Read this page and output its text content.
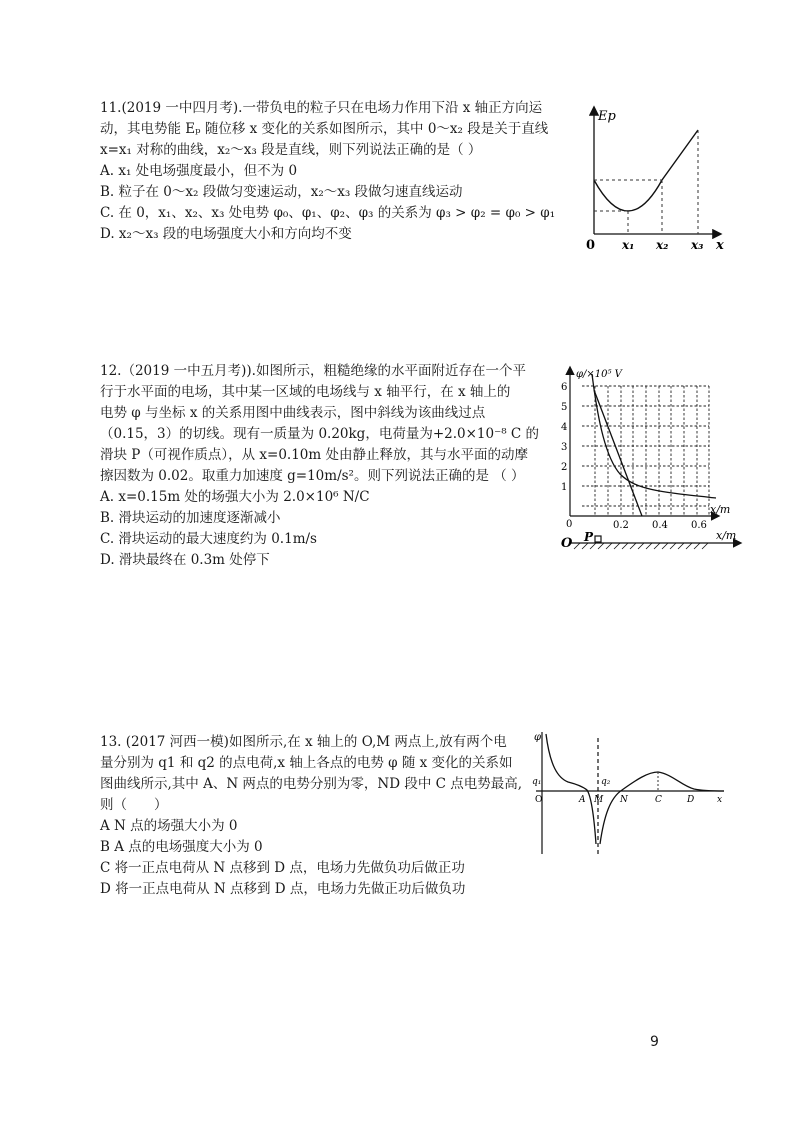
11.(2019 一中四月考).一带负电的粒子只在电场力作用下沿 x 轴正方向运

动，其电势能 Eₚ 随位移 x 变化的关系如图所示，其中 0～x₂ 段是关于直线

x=x₁ 对称的曲线，x₂～x₃ 段是直线，则下列说法正确的是（ ）

A. x₁ 处电场强度最小，但不为 0

B. 粒子在 0～x₂ 段做匀变速运动，x₂～x₃ 段做匀速直线运动

C. 在 0，x₁、x₂、x₃ 处电势 φ₀、φ₁、φ₂、φ₃ 的关系为 φ₃ > φ₂ = φ₀ > φ₁

D. x₂～x₃ 段的电场强度大小和方向均不变

Ep
0 x₁ x₂ x₃ x

12.（2019 一中五月考)).如图所示，粗糙绝缘的水平面附近存在一个平

行于水平面的电场，其中某一区域的电场线与 x 轴平行，在 x 轴上的

电势 φ 与坐标 x 的关系用图中曲线表示，图中斜线为该曲线过点

（0.15，3）的切线。现有一质量为 0.20kg，电荷量为+2.0×10⁻⁸ C 的

滑块 P（可视作质点），从 x=0.10m 处由静止释放，其与水平面的动摩

擦因数为 0.02。取重力加速度 g=10m/s²。则下列说法正确的是 （ ）

A. x=0.15m 处的场强大小为 2.0×10⁶ N/C

B. 滑块运动的加速度逐渐减小

C. 滑块运动的最大速度约为 0.1m/s

D. 滑块最终在 0.3m 处停下

φ/×10⁵ V
6
5
4
3
2
1
0	0.2 0.4 0.6
x/m
O P	x/m

13. (2017 河西一模)如图所示,在 x 轴上的 O,M 两点上,放有两个电

量分别为 q1 和 q2 的点电荷,x 轴上各点的电势 φ 随 x 变化的关系如

图曲线所示,其中 A、N 两点的电势分别为零，ND 段中 C 点电势最高,

则（　　）

A N 点的场强大小为 0

B A 点的电场强度大小为 0

C 将一正点电荷从 N 点移到 D 点，电场力先做负功后做正功

D 将一正点电荷从 N 点移到 D 点，电场力先做正功后做负功

φ
q₁	q₂
O	A M N	C	D	x
9
